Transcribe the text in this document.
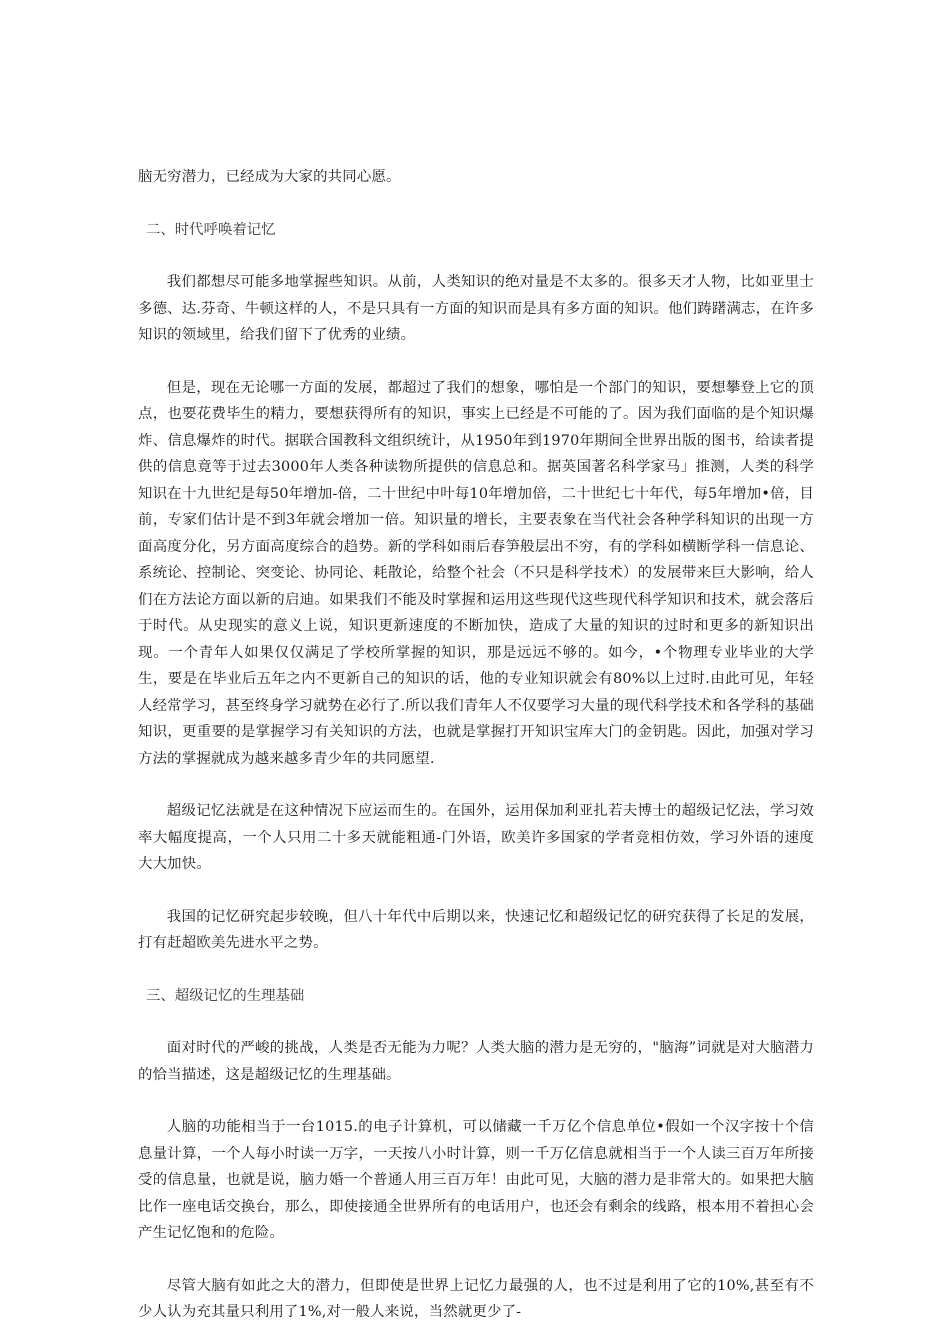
脑无穷潜力，已经成为大家的共同心愿。

二、时代呼唤着记忆

我们都想尽可能多地掌握些知识。从前，人类知识的绝对量是不太多的。很多天才人物，比如亚里士多德、达.芬奇、牛顿这样的人，不是只具有一方面的知识而是具有多方面的知识。他们踌躇满志，在许多知识的领域里，给我们留下了优秀的业绩。

但是，现在无论哪一方面的发展，都超过了我们的想象，哪怕是一个部门的知识，要想攀登上它的顶点，也要花费毕生的精力，要想获得所有的知识，事实上已经是不可能的了。因为我们面临的是个知识爆炸、信息爆炸的时代。据联合国教科文组织统计，从1950年到1970年期间全世界出版的图书，给读者提供的信息竟等于过去3000年人类各种读物所提供的信息总和。据英国著名科学家马」推测，人类的科学知识在十九世纪是每50年增加-倍，二十世纪中叶每10年增加倍，二十世纪七十年代，每5年增加•倍，目前，专家们估计是不到3年就会增加一倍。知识量的增长，主要表象在当代社会各种学科知识的出现一方面高度分化，另方面高度综合的趋势。新的学科如雨后春笋般层出不穷，有的学科如横断学科一信息论、系统论、控制论、突变论、协同论、耗散论，给整个社会（不只是科学技术）的发展带来巨大影响，给人们在方法论方面以新的启迪。如果我们不能及时掌握和运用这些现代这些现代科学知识和技术，就会落后于时代。从史现实的意义上说，知识更新速度的不断加快，造成了大量的知识的过时和更多的新知识出现。一个青年人如果仅仅满足了学校所掌握的知识，那是远远不够的。如今，•个物理专业毕业的大学生，要是在毕业后五年之内不更新自己的知识的话，他的专业知识就会有80%以上过时.由此可见，年轻人经常学习，甚至终身学习就势在必行了.所以我们青年人不仅要学习大量的现代科学技术和各学科的基础知识，更重要的是掌握学习有关知识的方法，也就是掌握打开知识宝库大门的金钥匙。因此，加强对学习方法的掌握就成为越来越多青少年的共同愿望.

超级记忆法就是在这种情况下应运而生的。在国外，运用保加利亚扎若夫博士的超级记忆法，学习效率大幅度提高，一个人只用二十多天就能粗通-门外语，欧美许多国家的学者竞相仿效，学习外语的速度大大加快。

我国的记忆研究起步较晚，但八十年代中后期以来，快速记忆和超级记忆的研究获得了长足的发展，打有赶超欧美先进水平之势。

三、超级记忆的生理基础

面对时代的严峻的挑战，人类是否无能为力呢？人类大脑的潜力是无穷的，"脑海”词就是对大脑潜力的恰当描述，这是超级记忆的生理基础。

人脑的功能相当于一台1015.的电子计算机，可以储藏一千万亿个信息单位•假如一个汉字按十个信息量计算，一个人每小时读一万字，一天按八小时计算，则一千万亿信息就相当于一个人读三百万年所接受的信息量，也就是说，脑力婚一个普通人用三百万年！由此可见，大脑的潜力是非常大的。如果把大脑比作一座电话交换台，那么，即使接通全世界所有的电话用户，也还会有剩余的线路，根本用不着担心会产生记忆饱和的危险。

尽管大脑有如此之大的潜力，但即使是世界上记忆力最强的人，也不过是利用了它的10%,甚至有不少人认为充其量只利用了1%,对一般人来说，当然就更少了-
